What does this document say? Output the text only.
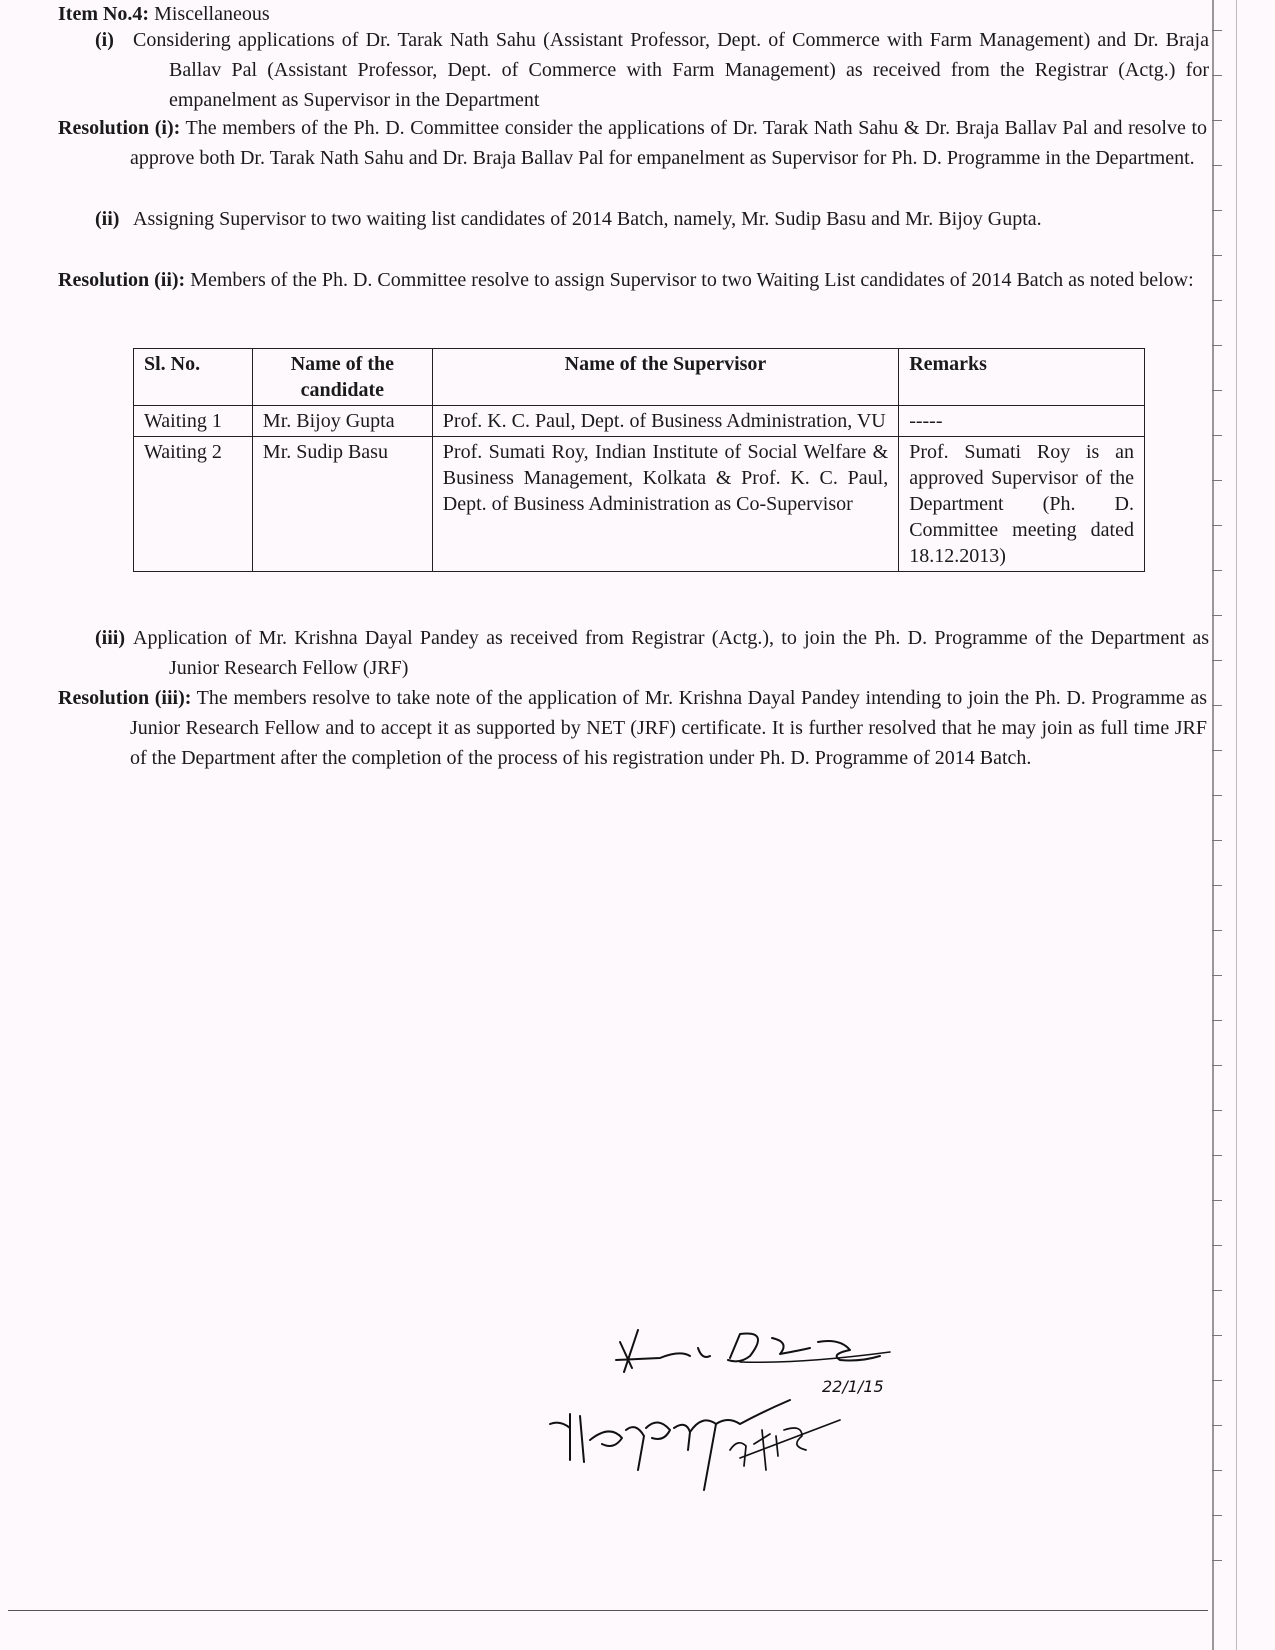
Item No.4: Miscellaneous
(i) Considering applications of Dr. Tarak Nath Sahu (Assistant Professor, Dept. of Commerce with Farm Management) and Dr. Braja Ballav Pal (Assistant Professor, Dept. of Commerce with Farm Management) as received from the Registrar (Actg.) for empanelment as Supervisor in the Department
Resolution (i): The members of the Ph. D. Committee consider the applications of Dr. Tarak Nath Sahu & Dr. Braja Ballav Pal and resolve to approve both Dr. Tarak Nath Sahu and Dr. Braja Ballav Pal for empanelment as Supervisor for Ph. D. Programme in the Department.
(ii) Assigning Supervisor to two waiting list candidates of 2014 Batch, namely, Mr. Sudip Basu and Mr. Bijoy Gupta.
Resolution (ii): Members of the Ph. D. Committee resolve to assign Supervisor to two Waiting List candidates of 2014 Batch as noted below:
Sl. No.	Name of the candidate	Name of the Supervisor	Remarks
Waiting 1	Mr. Bijoy Gupta	Prof. K. C. Paul, Dept. of Business Administration, VU	-----
Waiting 2	Mr. Sudip Basu	Prof. Sumati Roy, Indian Institute of Social Welfare & Business Management, Kolkata & Prof. K. C. Paul, Dept. of Business Administration as Co-Supervisor	Prof. Sumati Roy is an approved Supervisor of the Department (Ph. D. Committee meeting dated 18.12.2013)
(iii) Application of Mr. Krishna Dayal Pandey as received from Registrar (Actg.), to join the Ph. D. Programme of the Department as Junior Research Fellow (JRF)
Resolution (iii): The members resolve to take note of the application of Mr. Krishna Dayal Pandey intending to join the Ph. D. Programme as Junior Research Fellow and to accept it as supported by NET (JRF) certificate. It is further resolved that he may join as full time JRF of the Department after the completion of the process of his registration under Ph. D. Programme of 2014 Batch.
22/1/15
